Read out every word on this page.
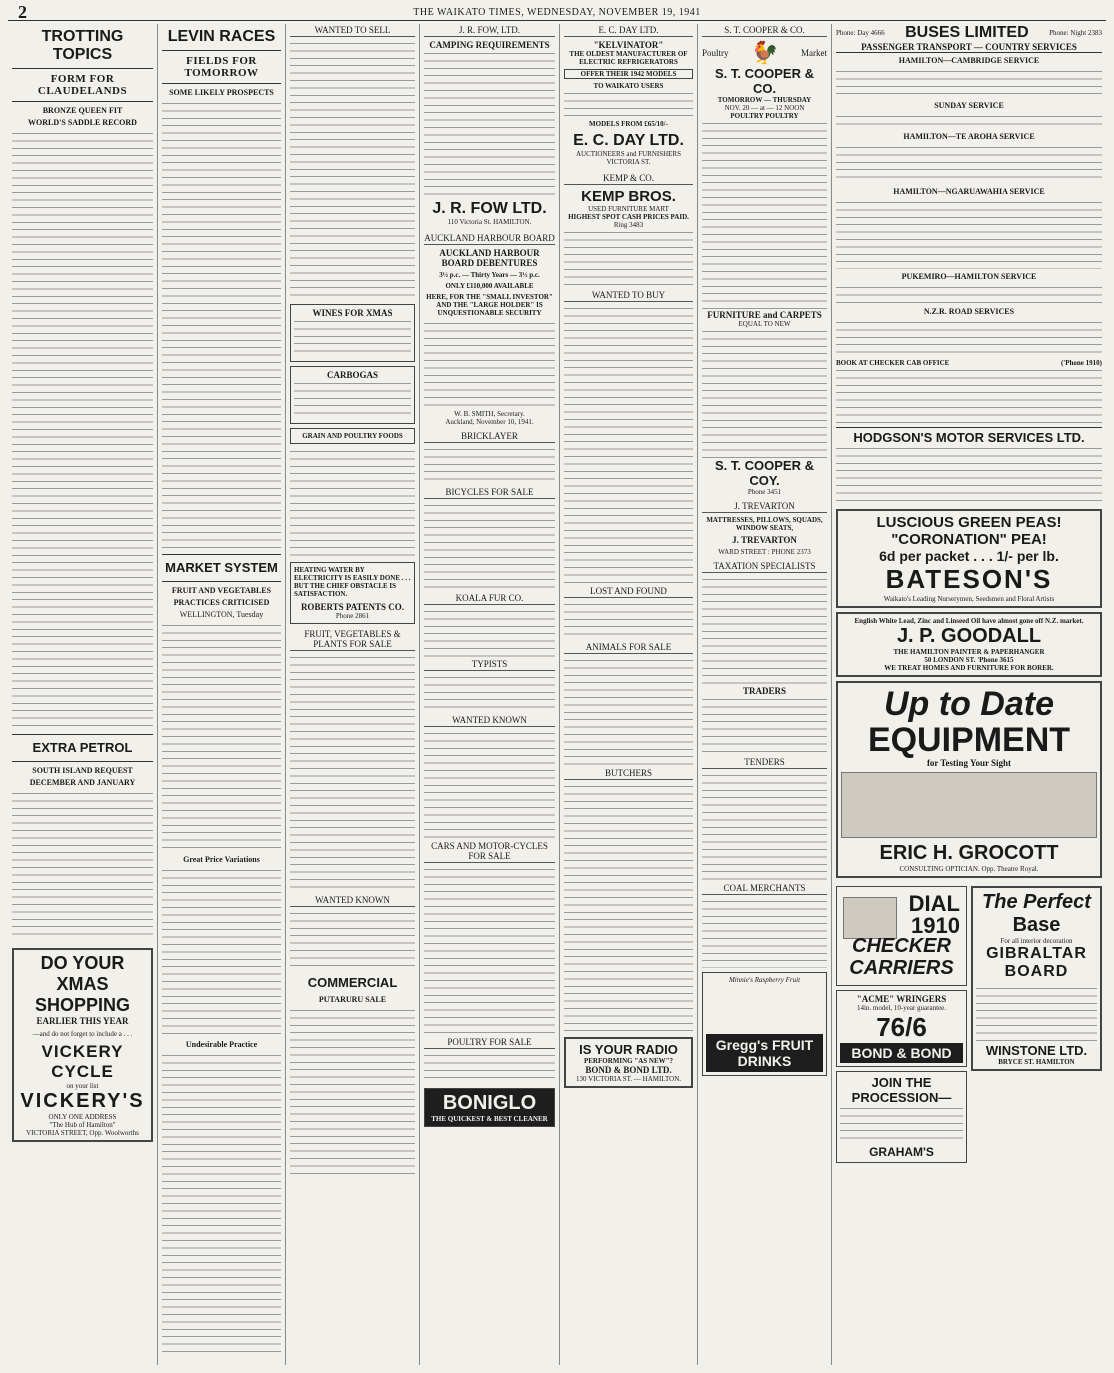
2	THE WAIKATO TIMES, WEDNESDAY, NOVEMBER 19, 1941
TROTTING TOPICS
FORM FOR CLAUDELANDS
BRONZE QUEEN FIT
WORLD'S SADDLE RECORD
EXTRA PETROL
SOUTH ISLAND REQUEST
DECEMBER AND JANUARY
DO YOUR
XMAS
SHOPPING
EARLIER THIS YEAR
—and do not forget to include a . . .
VICKERY CYCLE
on your list
VICKERY'S
ONLY ONE ADDRESS
"The Hub of Hamilton"
VICTORIA STREET, Opp. Woolworths
LEVIN RACES
FIELDS FOR TOMORROW
SOME LIKELY PROSPECTS
MARKET SYSTEM
FRUIT AND VEGETABLES
PRACTICES CRITICISED
WELLINGTON, Tuesday
Great Price Variations
Undesirable Practice
WANTED TO SELL
WINES FOR XMAS
CARBOGAS
GRAIN AND POULTRY FOODS
HEATING WATER BY ELECTRICITY IS EASILY DONE . . . BUT THE CHIEF OBSTACLE IS SATISFACTION.
ROBERTS PATENTS CO.
Phone 2861
FRUIT, VEGETABLES & PLANTS FOR SALE
WANTED KNOWN
COMMERCIAL
PUTARURU SALE
J. R. FOW, LTD.
CAMPING REQUIREMENTS
J. R. FOW LTD.
110 Victoria St. HAMILTON.
AUCKLAND HARBOUR BOARD
AUCKLAND HARBOUR BOARD DEBENTURES
3½ p.c. — Thirty Years — 3½ p.c.
ONLY £110,000 AVAILABLE
HERE, FOR THE "SMALL INVESTOR" AND THE "LARGE HOLDER" IS UNQUESTIONABLE SECURITY
W. B. SMITH, Secretary.
Auckland, November 10, 1941.
BRICKLAYER
BICYCLES FOR SALE
KOALA FUR CO.
TYPISTS
WANTED KNOWN
CARS AND MOTOR-CYCLES FOR SALE
POULTRY FOR SALE
BONIGLO
THE QUICKEST & BEST CLEANER
E. C. DAY LTD.
"KELVINATOR"
THE OLDEST MANUFACTURER OF ELECTRIC REFRIGERATORS
OFFER THEIR 1942 MODELS
TO WAIKATO USERS
MODELS FROM £65/10/-
E. C. DAY LTD.
AUCTIONEERS and FURNISHERS VICTORIA ST.
KEMP & CO.
KEMP BROS.
USED FURNITURE MART
HIGHEST SPOT CASH PRICES PAID.
Ring 3483
WANTED TO BUY
LOST AND FOUND
ANIMALS FOR SALE
BUTCHERS
IS YOUR RADIO
PERFORMING "AS NEW"?
BOND & BOND LTD.
130 VICTORIA ST. — HAMILTON.
S. T. COOPER & CO.
Poultry 🐓	Market
S. T. COOPER & CO.
TOMORROW — THURSDAY
NOV. 20 — at — 12 NOON
POULTRY POULTRY
FURNITURE and CARPETS
EQUAL TO NEW
S. T. COOPER & COY.
Phone 3451
J. TREVARTON
MATTRESSES, PILLOWS, SQUADS, WINDOW SEATS,
J. TREVARTON
WARD STREET : PHONE 2373
TAXATION SPECIALISTS
TRADERS
TENDERS
COAL MERCHANTS
Minnie's Raspberry Fruit
Gregg's FRUIT DRINKS
Phone: Day 4666 BUSES LIMITED	Phone: Night 2383
PASSENGER TRANSPORT — COUNTRY SERVICES
HAMILTON—CAMBRIDGE SERVICE
SUNDAY SERVICE
HAMILTON—TE AROHA SERVICE
HAMILTON—NGARUAWAHIA SERVICE
PUKEMIRO—HAMILTON SERVICE
N.Z.R. ROAD SERVICES
BOOK AT CHECKER CAB OFFICE	('Phone 1910)
HODGSON'S MOTOR SERVICES LTD.
LUSCIOUS GREEN PEAS!
"CORONATION" PEA!
6d per packet . . . 1/- per lb.
BATESON'S
Waikato's Leading Nurserymen, Seedsmen and Floral Artists
English White Lead, Zinc and Linseed Oil have almost gone off N.Z. market.
J. P. GOODALL
THE HAMILTON PAINTER & PAPERHANGER
50 LONDON ST. 'Phone 3615
WE TREAT HOMES AND FURNITURE FOR BORER.
Up to Date
EQUIPMENT
for Testing Your Sight
ERIC H. GROCOTT
CONSULTING OPTICIAN. Opp. Theatre Royal.
DIAL
1910
CHECKER CARRIERS
"ACME" WRINGERS
14in. model, 10-year guarantee.
76/6
BOND & BOND
JOIN THE
PROCESSION—
GRAHAM'S
The Perfect
Base
For all interior decoration
GIBRALTAR
BOARD
WINSTONE LTD.
BRYCE ST. HAMILTON
